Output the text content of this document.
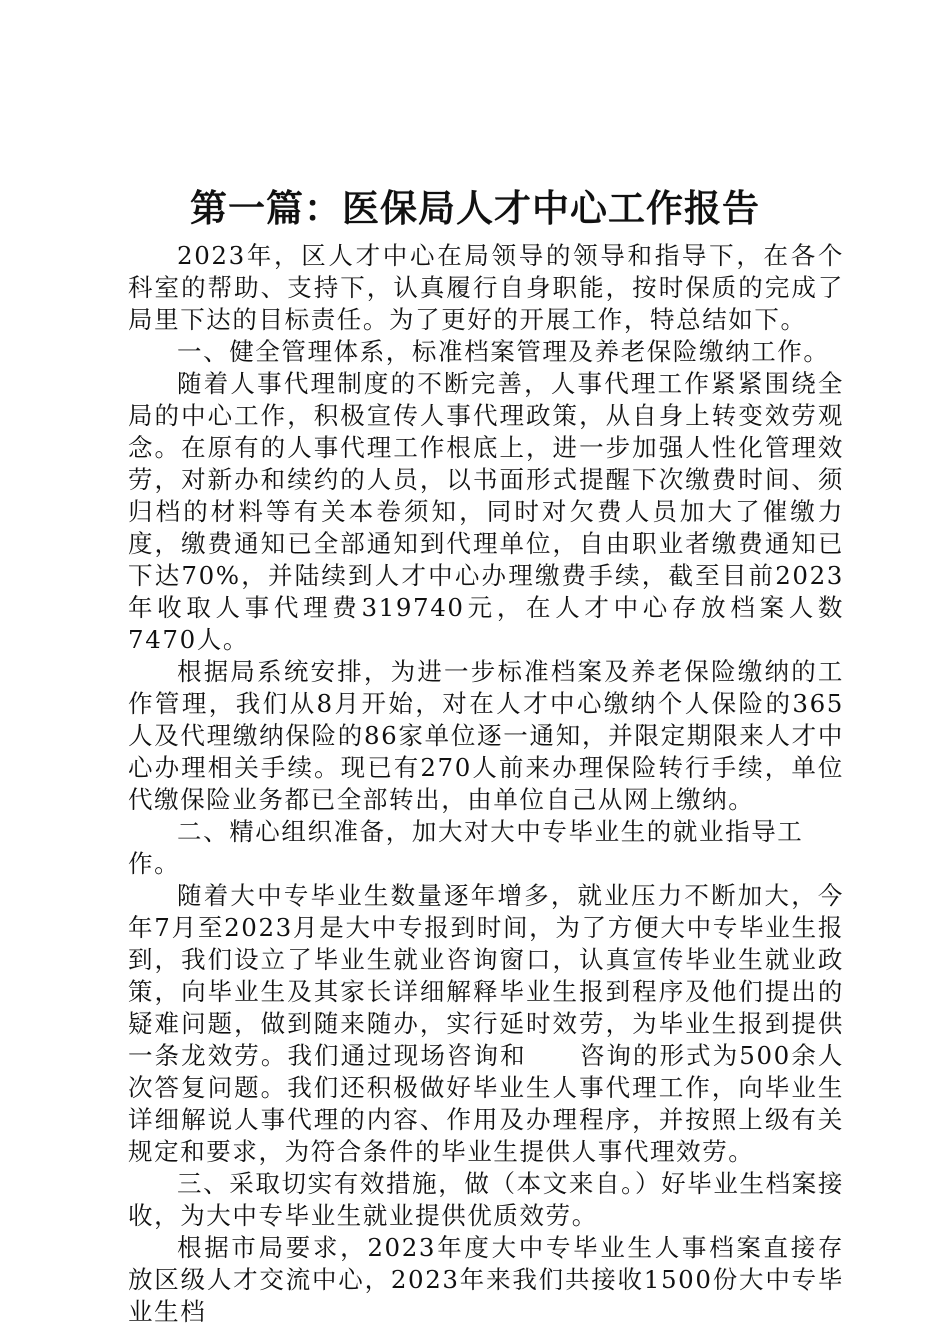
第一篇：医保局人才中心工作报告

2023年，区人才中心在局领导的领导和指导下，在各个科室的帮助、支持下，认真履行自身职能，按时保质的完成了局里下达的目标责任。为了更好的开展工作，特总结如下。

一、健全管理体系，标准档案管理及养老保险缴纳工作。

随着人事代理制度的不断完善，人事代理工作紧紧围绕全局的中心工作，积极宣传人事代理政策，从自身上转变效劳观念。在原有的人事代理工作根底上，进一步加强人性化管理效劳，对新办和续约的人员，以书面形式提醒下次缴费时间、须归档的材料等有关本卷须知，同时对欠费人员加大了催缴力度，缴费通知已全部通知到代理单位，自由职业者缴费通知已下达70%，并陆续到人才中心办理缴费手续，截至目前2023年收取人事代理费319740元，在人才中心存放档案人数7470人。

根据局系统安排，为进一步标准档案及养老保险缴纳的工作管理，我们从8月开始，对在人才中心缴纳个人保险的365人及代理缴纳保险的86家单位逐一通知，并限定期限来人才中心办理相关手续。现已有270人前来办理保险转行手续，单位代缴保险业务都已全部转出，由单位自己从网上缴纳。

二、精心组织准备，加大对大中专毕业生的就业指导工作。

随着大中专毕业生数量逐年增多，就业压力不断加大，今年7月至2023月是大中专报到时间，为了方便大中专毕业生报到，我们设立了毕业生就业咨询窗口，认真宣传毕业生就业政策，向毕业生及其家长详细解释毕业生报到程序及他们提出的疑难问题，做到随来随办，实行延时效劳，为毕业生报到提供一条龙效劳。我们通过现场咨询和　　咨询的形式为500余人次答复问题。我们还积极做好毕业生人事代理工作，向毕业生详细解说人事代理的内容、作用及办理程序，并按照上级有关规定和要求，为符合条件的毕业生提供人事代理效劳。

三、采取切实有效措施，做（本文来自。）好毕业生档案接收，为大中专毕业生就业提供优质效劳。

根据市局要求，2023年度大中专毕业生人事档案直接存放区级人才交流中心，2023年来我们共接收1500份大中专毕业生档
